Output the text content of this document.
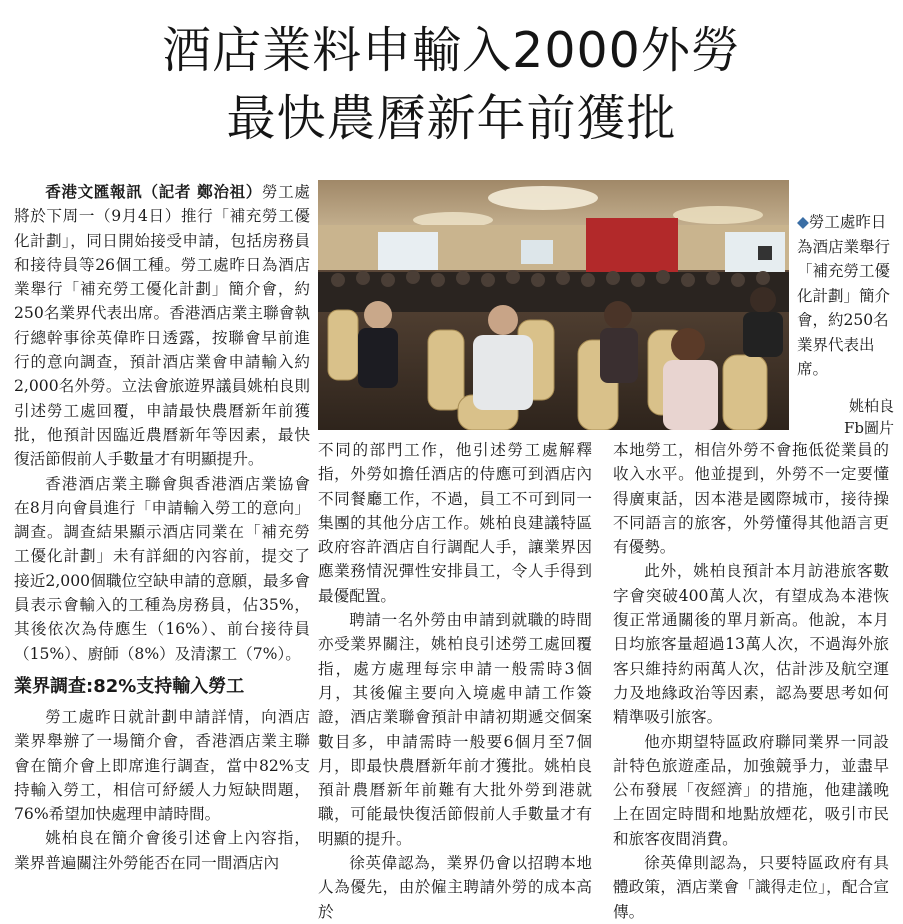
酒店業料申輸入2000外勞
最快農曆新年前獲批

香港文匯報訊（記者 鄭治祖）勞工處將於下周一（9月4日）推行「補充勞工優化計劃」，同日開始接受申請，包括房務員和接待員等26個工種。勞工處昨日為酒店業舉行「補充勞工優化計劃」簡介會，約250名業界代表出席。香港酒店業主聯會執行總幹事徐英偉昨日透露，按聯會早前進行的意向調查，預計酒店業會申請輸入約2,000名外勞。立法會旅遊界議員姚柏良則引述勞工處回覆，申請最快農曆新年前獲批，他預計因臨近農曆新年等因素，最快復活節假前人手數量才有明顯提升。

香港酒店業主聯會與香港酒店業協會在8月向會員進行「申請輸入勞工的意向」調查。調查結果顯示酒店同業在「補充勞工優化計劃」未有詳細的內容前，提交了接近2,000個職位空缺申請的意願，最多會員表示會輸入的工種為房務員，佔35%，其後依次為侍應生（16%）、前台接待員（15%）、廚師（8%）及清潔工（7%）。

業界調查:82%支持輸入勞工

勞工處昨日就計劃申請詳情，向酒店業界舉辦了一場簡介會，香港酒店業主聯會在簡介會上即席進行調查，當中82%支持輸入勞工，相信可紓緩人力短缺問題，76%希望加快處理申請時間。

姚柏良在簡介會後引述會上內容指，業界普遍關注外勞能否在同一間酒店內

◆勞工處昨日為酒店業舉行「補充勞工優化計劃」簡介會，約250名業界代表出席。
姚柏良
Fb圖片

不同的部門工作，他引述勞工處解釋指，外勞如擔任酒店的侍應可到酒店內不同餐廳工作，不過，員工不可到同一集團的其他分店工作。姚柏良建議特區政府容許酒店自行調配人手，讓業界因應業務情況彈性安排員工，令人手得到最優配置。

聘請一名外勞由申請到就職的時間亦受業界關注，姚柏良引述勞工處回覆指，處方處理每宗申請一般需時3個月，其後僱主要向入境處申請工作簽證，酒店業聯會預計申請初期遞交個案數目多，申請需時一般要6個月至7個月，即最快農曆新年前才獲批。姚柏良預計農曆新年前難有大批外勞到港就職，可能最快復活節假前人手數量才有明顯的提升。

徐英偉認為，業界仍會以招聘本地人為優先，由於僱主聘請外勞的成本高於

本地勞工，相信外勞不會拖低從業員的收入水平。他並提到，外勞不一定要懂得廣東話，因本港是國際城市，接待操不同語言的旅客，外勞懂得其他語言更有優勢。

此外，姚柏良預計本月訪港旅客數字會突破400萬人次，有望成為本港恢復正常通關後的單月新高。他說，本月日均旅客量超過13萬人次，不過海外旅客只維持約兩萬人次，估計涉及航空運力及地緣政治等因素，認為要思考如何精準吸引旅客。

他亦期望特區政府聯同業界一同設計特色旅遊產品，加強競爭力，並盡早公布發展「夜經濟」的措施，他建議晚上在固定時間和地點放煙花，吸引市民和旅客夜間消費。

徐英偉則認為，只要特區政府有具體政策，酒店業會「識得走位」，配合宣傳。
